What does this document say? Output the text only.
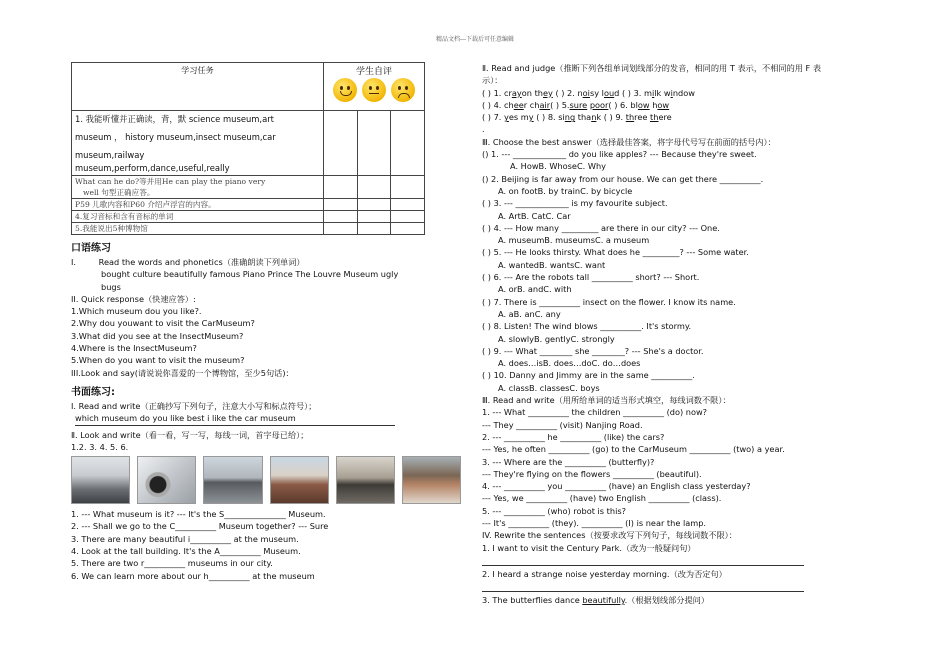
精品文档---下载后可任意编辑
学习任务	学生自评		

1. 我能听懂并正确读，背，默 science museum,art
museum ， history museum,insect museum,car
museum,railway
museum,perform,dance,useful,really			

What can he do?等并用He can play the piano very
well 句型正确应答。			

P59 儿歌内容和P60 介绍卢浮宫的内容。			
4.复习音标和含有音标的单词			
5.我能说出5种博物馆			
口语练习
I.	Read the words and phonetics（准确朗读下列单词）
bought culture beautifully famous Piano Prince The Louvre Museum ugly
bugs
II. Quick response（快速应答）:
1.Which museum dou you like?.
2.Why dou youwant to visit the CarMuseum?
3.What did you see at the InsectMuseum?
4.Where is the InsectMuseum?
5.When do you want to visit the museum?
III.Look and say(请说说你喜爱的一个博物馆，至少5句话)：
书面练习:
I. Read and write（正确抄写下列句子，注意大小写和标点符号）；
which museum do you like best i like the car museum
Ⅱ. Look and write（看一看，写一写，每线一词，首字母已给）；
1.2. 3. 4. 5. 6.
1. --- What museum is it? --- It's the S_______________ Museum.
2. --- Shall we go to the C__________ Museum together? --- Sure
3. There are many beautiful i__________ at the museum.
4. Look at the tall building. It's the A__________ Museum.
5. There are two r__________ museums in our city.
6. We can learn more about our h__________ at the museum
Ⅱ. Read and judge（推断下列各组单词划线部分的发音，相同的用 T 表示，不相同的用 F 表
示）：
( ) 1. crayon they ( ) 2. noisy loud ( ) 3. milk window
( ) 4. cheer chair( ) 5.sure poor( ) 6. blow how
( ) 7. yes my ( ) 8. sing thank ( ) 9. three there
.
Ⅲ. Choose the best answer（选择最佳答案，将字母代号写在前面的括号内）：
() 1. --- _____________ do you like apples? --- Because they're sweet.
A. HowB. WhoseC. Why
() 2. Beijing is far away from our house. We can get there __________.
A. on footB. by trainC. by bicycle
( ) 3. --- _____________ is my favourite subject.
A. ArtB. CatC. Car
( ) 4. --- How many _________ are there in our city? --- One.
A. museumB. museumsC. a museum
( ) 5. --- He looks thirsty. What does he _________? --- Some water.
A. wantedB. wantsC. want
( ) 6. --- Are the robots tall __________ short? --- Short.
A. orB. andC. with
( ) 7. There is __________ insect on the flower. I know its name.
A. aB. anC. any
( ) 8. Listen! The wind blows __________. It's stormy.
A. slowlyB. gentlyC. strongly
( ) 9. --- What ________ she ________? --- She's a doctor.
A. does…isB. does…doC. do…does
( ) 10. Danny and Jimmy are in the same __________.
A. classB. classesC. boys
Ⅲ. Read and write（用所给单词的适当形式填空，每线词数不限）：
1. --- What __________ the children __________ (do) now?
--- They __________ (visit) Nanjing Road.
2. --- __________ he __________ (like) the cars?
--- Yes, he often __________ (go) to the CarMuseum __________ (two) a year.
3. --- Where are the __________ (butterfly)?
--- They're flying on the flowers __________ (beautiful).
4. --- __________ you __________ (have) an English class yesterday?
--- Yes, we __________ (have) two English __________ (class).
5. --- __________ (who) robot is this?
--- It's __________ (they). __________ (I) is near the lamp.
IV. Rewrite the sentences（按要求改写下列句子，每线词数不限）：
1. I want to visit the Century Park.（改为一般疑问句）
2. I heard a strange noise yesterday morning.（改为否定句）
3. The butterflies dance beautifully.（根据划线部分提问）
